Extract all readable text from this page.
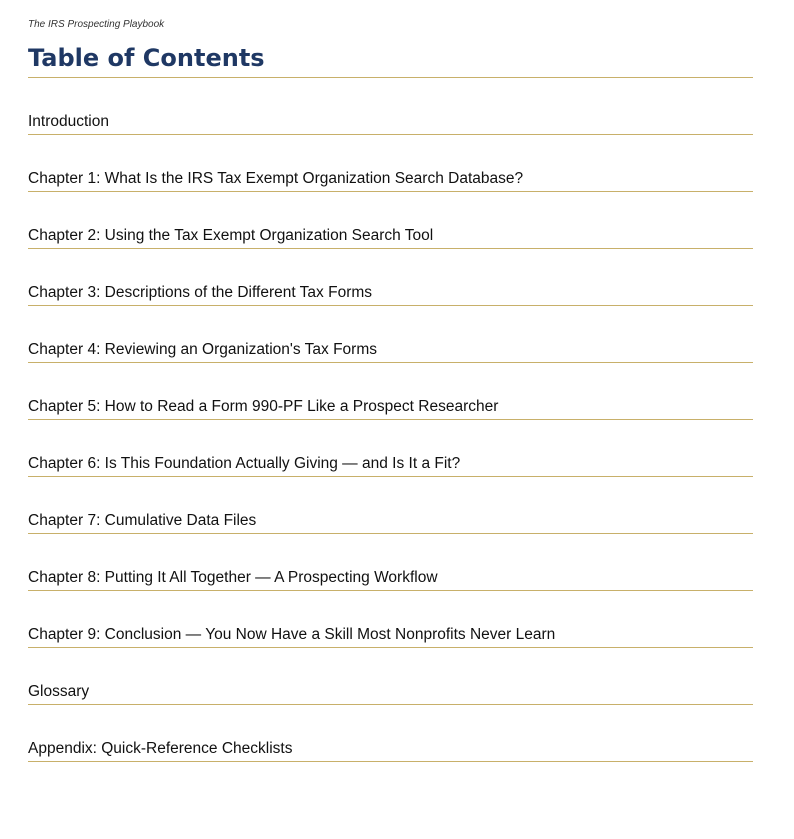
The IRS Prospecting Playbook
Table of Contents
Introduction
Chapter 1: What Is the IRS Tax Exempt Organization Search Database?
Chapter 2: Using the Tax Exempt Organization Search Tool
Chapter 3: Descriptions of the Different Tax Forms
Chapter 4: Reviewing an Organization's Tax Forms
Chapter 5: How to Read a Form 990-PF Like a Prospect Researcher
Chapter 6: Is This Foundation Actually Giving — and Is It a Fit?
Chapter 7: Cumulative Data Files
Chapter 8: Putting It All Together — A Prospecting Workflow
Chapter 9: Conclusion — You Now Have a Skill Most Nonprofits Never Learn
Glossary
Appendix: Quick-Reference Checklists
